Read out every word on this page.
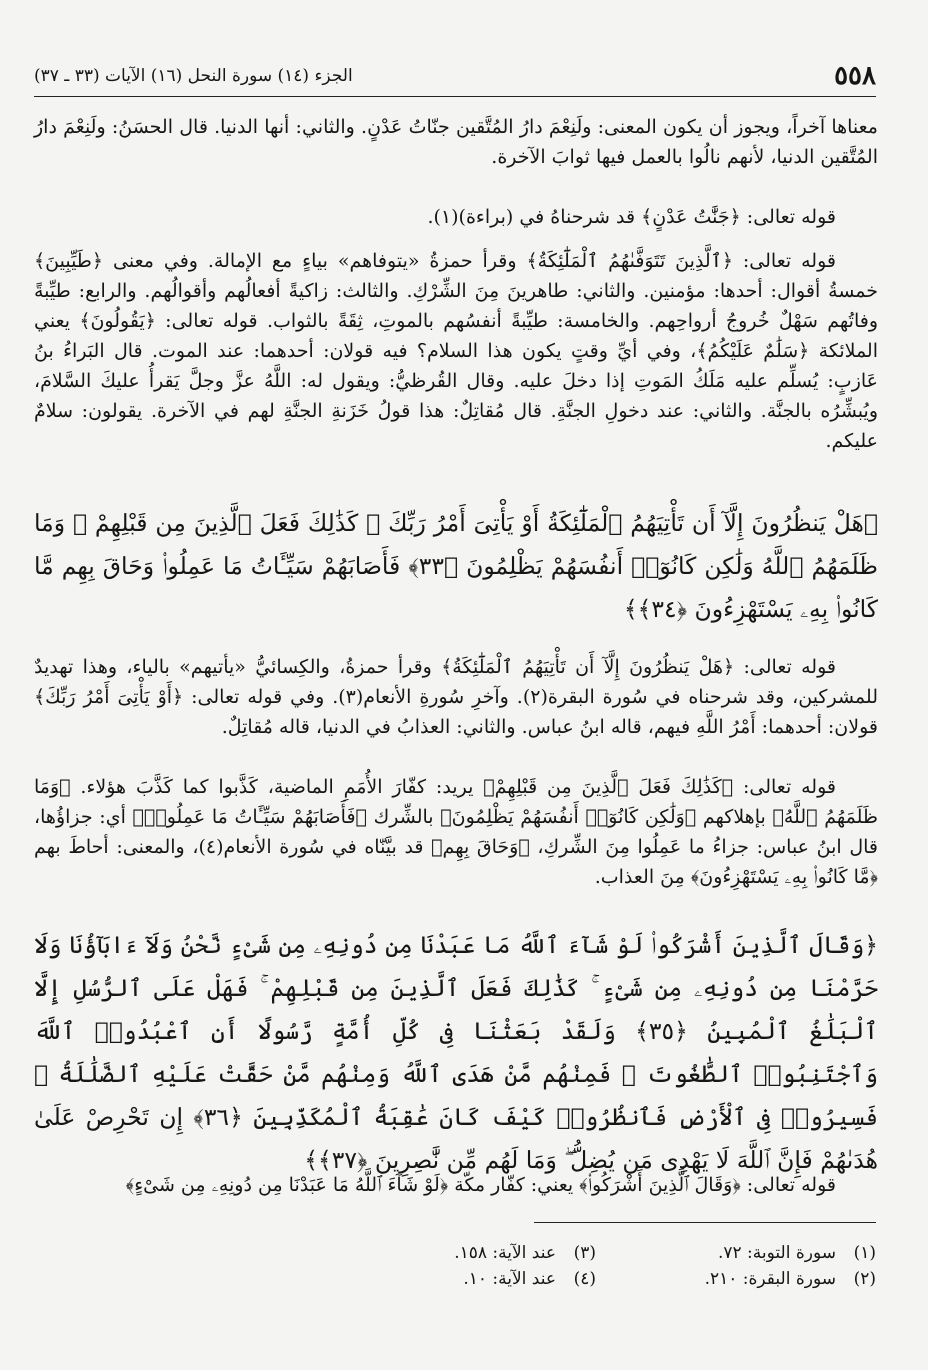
الجزء (١٤) سورة النحل (١٦) الآيات (٣٣ ـ ٣٧)	٥٥٨

معناها آخراً، ويجوز أن يكون المعنى: ولَنِعْمَ دارُ المُتَّقين جنّاتُ عَدْنٍ. والثاني: أنها الدنيا. قال الحسَنُ: ولَنِعْمَ دارُ المُتَّقين الدنيا، لأنهم نالُوا بالعمل فيها ثوابَ الآخرة.

قوله تعالى: ﴿جَنَّٰتُ عَدْنٍ﴾ قد شرحناهُ في (براءة)(١).

قوله تعالى: ﴿ٱلَّذِينَ تَتَوَفَّىٰهُمُ ٱلْمَلَٰٓئِكَةُ﴾ وقرأ حمزةُ «يتوفاهم» بياءٍ مع الإمالة. وفي معنى ﴿طَيِّبِينَ﴾ خمسةُ أقوال: أحدها: مؤمنين. والثاني: طاهرينَ مِنَ الشِّرْكِ. والثالث: زاكيةً أفعالُهم وأقوالُهم. والرابع: طيِّبةً وفاتُهم سَهْلٌ خُروجُ أرواحِهم. والخامسة: طيِّبةً أنفسُهم بالموتِ، ثِقَةً بالثواب. قوله تعالى: ﴿يَقُولُونَ﴾ يعني الملائكة ﴿سَلَٰمٌ عَلَيْكُمُ﴾، وفي أيِّ وقتٍ يكون هذا السلام؟ فيه قولان: أحدهما: عند الموت. قال البَراءُ بنُ عَازبٍ: يُسلِّم عليه مَلَكُ المَوتِ إذا دخلَ عليه. وقال القُرظيُّ: ويقول له: اللَّهُ عزَّ وجلَّ يَقرأُ عليكَ السَّلامَ، ويُبشِّرُه بالجنَّة. والثاني: عند دخولِ الجنَّةِ. قال مُقاتِلٌ: هذا قولُ خَزَنةِ الجنَّةِ لهم في الآخرة. يقولون: سلامٌ عليكم.

﴿هَلْ يَنظُرُونَ إِلَّآ أَن تَأْتِيَهُمُ ٱلْمَلَٰٓئِكَةُ أَوْ يَأْتِىَ أَمْرُ رَبِّكَ ۚ كَذَٰلِكَ فَعَلَ ٱلَّذِينَ مِن قَبْلِهِمْ ۚ وَمَا ظَلَمَهُمُ ٱللَّهُ وَلَٰكِن كَانُوٓا۟ أَنفُسَهُمْ يَظْلِمُونَ ﴿٣٣﴾ فَأَصَابَهُمْ سَيِّـَٔاتُ مَا عَمِلُوا۟ وَحَاقَ بِهِم مَّا كَانُوا۟ بِهِۦ يَسْتَهْزِءُونَ ﴿٣٤﴾﴾

قوله تعالى: ﴿هَلْ يَنظُرُونَ إِلَّآ أَن تَأْتِيَهُمُ ٱلْمَلَٰٓئِكَةُ﴾ وقرأ حمزةُ، والكِسائيُّ «يأتيهم» بالياء، وهذا تهديدٌ للمشركين، وقد شرحناه في سُورة البقرة(٢). وآخرِ سُورةِ الأنعام(٣). وفي قوله تعالى: ﴿أَوْ يَأْتِىَ أَمْرُ رَبِّكَ﴾ قولان: أحدهما: أَمْرُ اللَّهِ فيهم، قاله ابنُ عباس. والثاني: العذابُ في الدنيا، قاله مُقاتِلٌ.

قوله تعالى: ﴿كَذَٰلِكَ فَعَلَ ٱلَّذِينَ مِن قَبْلِهِمْ﴾ يريد: كفّارَ الأُمَمِ الماضية، كَذَّبوا كما كَذَّبَ هؤلاء. ﴿وَمَا ظَلَمَهُمُ ٱللَّهُ﴾ بإهلاكهم ﴿وَلَٰكِن كَانُوٓا۟ أَنفُسَهُمْ يَظْلِمُونَ﴾ بالشِّرك ﴿فَأَصَابَهُمْ سَيِّـَٔاتُ مَا عَمِلُوا۟﴾ أي: جزاؤُها، قال ابنُ عباس: جزاءُ ما عَمِلُوا مِنَ الشِّركِ، ﴿وَحَاقَ بِهِم﴾ قد بيَّنّاه في سُورة الأنعام(٤)، والمعنى: أحاطَ بهم ﴿مَّا كَانُوا۟ بِهِۦ يَسْتَهْزِءُونَ﴾ مِنَ العذاب.

﴿وَقَالَ ٱلَّذِينَ أَشْرَكُوا۟ لَوْ شَآءَ ٱللَّهُ مَا عَبَدْنَا مِن دُونِهِۦ مِن شَىْءٍ نَّحْنُ وَلَآ ءَابَآؤُنَا وَلَا حَرَّمْنَا مِن دُونِهِۦ مِن شَىْءٍ ۚ كَذَٰلِكَ فَعَلَ ٱلَّذِينَ مِن قَبْلِهِمْ ۚ فَهَلْ عَلَى ٱلرُّسُلِ إِلَّا ٱلْبَلَٰغُ ٱلْمُبِينُ ﴿٣٥﴾ وَلَقَدْ بَعَثْنَا فِى كُلِّ أُمَّةٍ رَّسُولًا أَنِ ٱعْبُدُوا۟ ٱللَّهَ وَٱجْتَنِبُوا۟ ٱلطَّٰغُوتَ ۖ فَمِنْهُم مَّنْ هَدَى ٱللَّهُ وَمِنْهُم مَّنْ حَقَّتْ عَلَيْهِ ٱلضَّلَٰلَةُ ۚ فَسِيرُوا۟ فِى ٱلْأَرْضِ فَٱنظُرُوا۟ كَيْفَ كَانَ عَٰقِبَةُ ٱلْمُكَذِّبِينَ ﴿٣٦﴾ إِن تَحْرِصْ عَلَىٰ هُدَىٰهُمْ فَإِنَّ ٱللَّهَ لَا يَهْدِى مَن يُضِلُّ ۖ وَمَا لَهُم مِّن نَّٰصِرِينَ ﴿٣٧﴾﴾

قوله تعالى: ﴿وَقَالَ ٱلَّذِينَ أَشْرَكُوا۟﴾ يعني: كفّار مكّة ﴿لَوْ شَآءَ ٱللَّهُ مَا عَبَدْنَا مِن دُونِهِۦ مِن شَىْءٍ﴾

(١)سورة التوبة: ٧٢.
(٢)سورة البقرة: ٢١٠.
(٣)عند الآية: ١٥٨.
(٤)عند الآية: ١٠.
